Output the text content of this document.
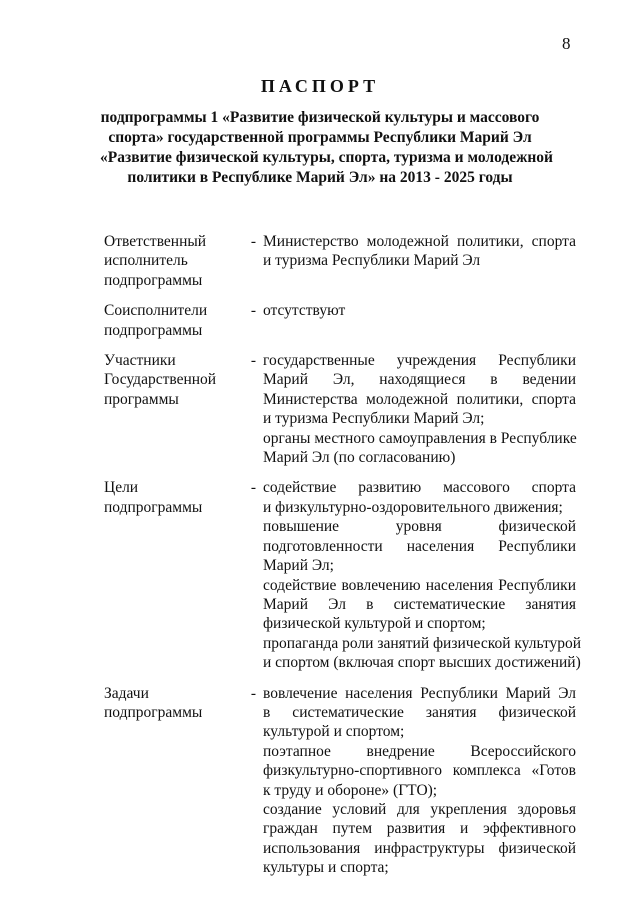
8
ПАСПОРТ
подпрограммы 1 «Развитие физической культуры и массового
спорта» государственной программы Республики Марий Эл
«Развитие физической культуры, спорта, туризма и молодежной
политики в Республике Марий Эл» на 2013 - 2025 годы
Ответственный
исполнитель
подпрограммы
- Министерство молодежной политики, спорта
и туризма Республики Марий Эл
Соисполнители
подпрограммы
- отсутствуют
Участники
Государственной
программы
- государственные учреждения Республики
Марий Эл, находящиеся в ведении
Министерства молодежной политики, спорта
и туризма Республики Марий Эл;
органы местного самоуправления в Республике
Марий Эл (по согласованию)
Цели
подпрограммы
- содействие развитию массового спорта
и физкультурно-оздоровительного движения;
повышение уровня физической
подготовленности населения Республики
Марий Эл;
содействие вовлечению населения Республики
Марий Эл в систематические занятия
физической культурой и спортом;
пропаганда роли занятий физической культурой
и спортом (включая спорт высших достижений)
Задачи
подпрограммы
- вовлечение населения Республики Марий Эл
в систематические занятия физической
культурой и спортом;
поэтапное внедрение Всероссийского
физкультурно-спортивного комплекса «Готов
к труду и обороне» (ГТО);
создание условий для укрепления здоровья
граждан путем развития и эффективного
использования инфраструктуры физической
культуры и спорта;
